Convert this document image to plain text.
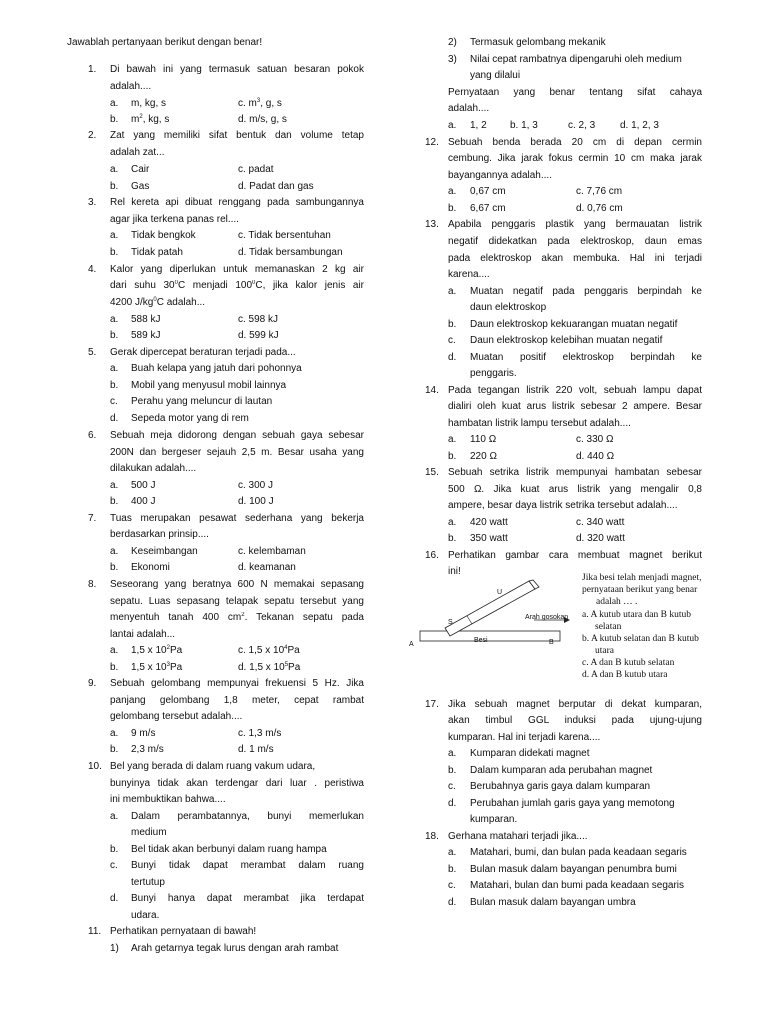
Jawablah pertanyaan berikut dengan benar!
1. Di bawah ini yang termasuk satuan besaran pokok
adalah....
a. m, kg, s	c. $m^3$, g, s
b. $m^2$, kg, s	d. m/s, g, s
2. Zat yang memiliki sifat bentuk dan volume tetap
adalah zat...
a. Cair	c. padat
b. Gas	d. Padat dan gas
3. Rel kereta api dibuat renggang pada sambungannya
agar jika terkena panas rel....
a. Tidak bengkok	c. Tidak bersentuhan
b. Tidak patah	d. Tidak bersambungan
4. Kalor yang diperlukan untuk memanaskan 2 kg air
dari suhu $30^0C$ menjadi $100^0C$, jika kalor jenis air
4200 $J/kg^0C$ adalah...
a. 588 kJ	c. 598 kJ
b. 589 kJ	d. 599 kJ
5. Gerak dipercepat beraturan terjadi pada...
a. Buah kelapa yang jatuh dari pohonnya
b. Mobil yang menyusul mobil lainnya
c. Perahu yang meluncur di lautan
d. Sepeda motor yang di rem
6. Sebuah meja didorong dengan sebuah gaya sebesar
200N dan bergeser sejauh 2,5 m. Besar usaha yang
dilakukan adalah....
a. 500 J	c. 300 J
b. 400 J	d. 100 J
7. Tuas merupakan pesawat sederhana yang bekerja
berdasarkan prinsip....
a. Keseimbangan	c. kelembaman
b. Ekonomi	d. keamanan
8. Seseorang yang beratnya 600 N memakai sepasang
sepatu. Luas sepasang telapak sepatu tersebut yang
menyentuh tanah 400 $cm^2$. Tekanan sepatu pada
lantai adalah...
a. 1,5 x $10^2Pa$	c. 1,5 x $10^4Pa$
b. 1,5 x $10^3Pa$	d. 1,5 x $10^5Pa$
9. Sebuah gelombang mempunyai frekuensi 5 Hz. Jika
panjang gelombang 1,8 meter, cepat rambat
gelombang tersebut adalah....
a. 9 m/s	c. 1,3 m/s
b. 2,3 m/s	d. 1 m/s
10. Bel yang berada di dalam ruang vakum udara,
bunyinya tidak akan terdengar dari luar . peristiwa
ini membuktikan bahwa....
a. Dalam perambatannya, bunyi memerlukan
medium
b. Bel tidak akan berbunyi dalam ruang hampa
c. Bunyi tidak dapat merambat dalam ruang
tertutup
d. Bunyi hanya dapat merambat jika terdapat
udara.
11. Perhatikan pernyataan di bawah!
1) Arah getarnya tegak lurus dengan arah rambat
2) Termasuk gelombang mekanik
3) Nilai cepat rambatnya dipengaruhi oleh medium
yang dilalui
Pernyataan yang benar tentang sifat cahaya
adalah....
a. 1, 2 b. 1, 3	c. 2, 3 d. 1, 2, 3
12. Sebuah benda berada 20 cm di depan cermin
cembung. Jika jarak fokus cermin 10 cm maka jarak
bayangannya adalah....
a. 0,67 cm	c. 7,76 cm
b. 6,67 cm	d. 0,76 cm
13. Apabila penggaris plastik yang bermauatan listrik
negatif didekatkan pada elektroskop, daun emas
pada elektroskop akan membuka. Hal ini terjadi
karena....
a. Muatan negatif pada penggaris berpindah ke
daun elektroskop
b. Daun elektroskop kekuarangan muatan negatif
c. Daun elektroskop kelebihan muatan negatif
d. Muatan positif elektroskop berpindah ke
penggaris.
14. Pada tegangan listrik 220 volt, sebuah lampu dapat
dialiri oleh kuat arus listrik sebesar 2 ampere. Besar
hambatan listrik lampu tersebut adalah....
a. 110 Ω	c. 330 Ω
b. 220 Ω	d. 440 Ω
15. Sebuah setrika listrik mempunyai hambatan sebesar
500 Ω. Jika kuat arus listrik yang mengalir 0,8
ampere, besar daya listrik setrika tersebut adalah....
a. 420 watt	c. 340 watt
b. 350 watt	d. 320 watt
16. Perhatikan gambar cara membuat magnet berikut
ini!
U
S
A	B
Besi
Arah gosokan
Jika besi telah menjadi magnet,
pernyataan berikut yang benar
adalah … .
a. A kutub utara dan B kutub
selatan
b. A kutub selatan dan B kutub
utara
c. A dan B kutub selatan
d. A dan B kutub utara
17. Jika sebuah magnet berputar di dekat kumparan,
akan timbul GGL induksi pada ujung-ujung
kumparan. Hal ini terjadi karena....
a. Kumparan didekati magnet
b. Dalam kumparan ada perubahan magnet
c. Berubahnya garis gaya dalam kumparan
d. Perubahan jumlah garis gaya yang memotong
kumparan.
18. Gerhana matahari terjadi jika....
a. Matahari, bumi, dan bulan pada keadaan segaris
b. Bulan masuk dalam bayangan penumbra bumi
c. Matahari, bulan dan bumi pada keadaan segaris
d. Bulan masuk dalam bayangan umbra
